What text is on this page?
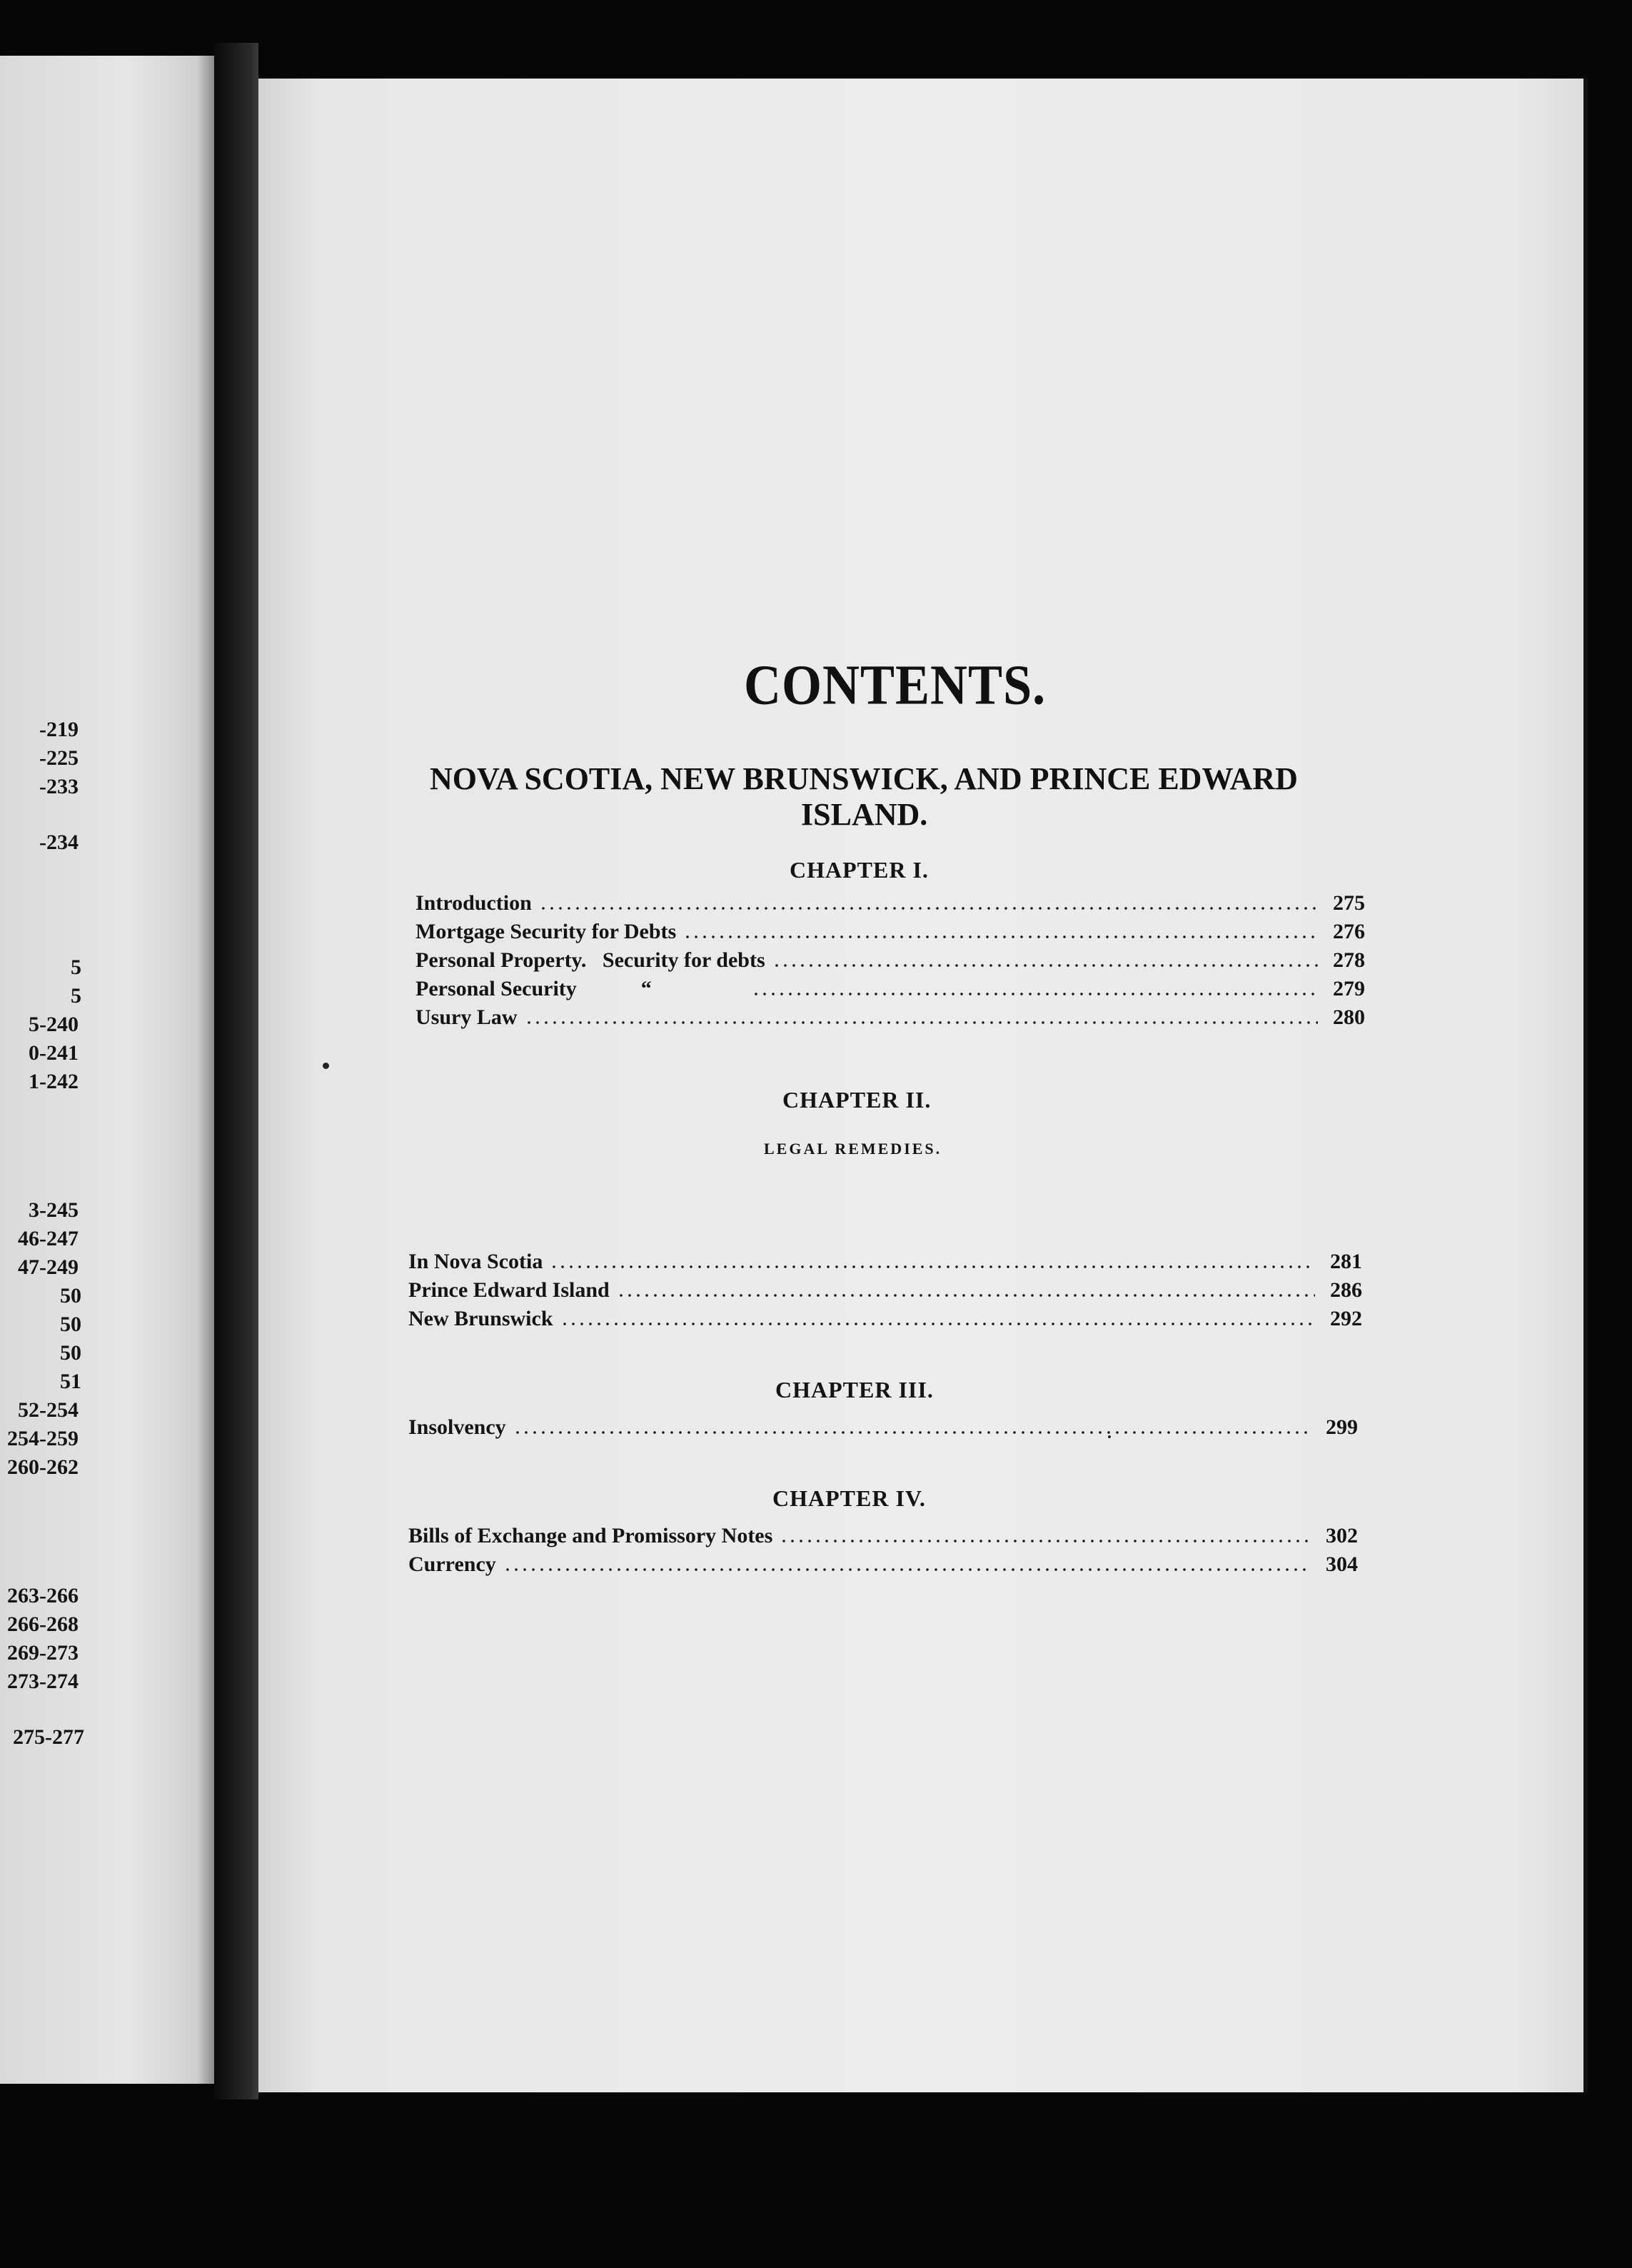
-219
-225
-233
-234
5
5
5-240
0-241
1-242
3-245
46-247
47-249
50
50
50
51
52-254
254-259
260-262
263-266
266-268
269-273
273-274
275-277
CONTENTS.
NOVA SCOTIA, NEW BRUNSWICK, AND PRINCE EDWARD
ISLAND.
CHAPTER I.
Introduction	275
Mortgage Security for Debts	276
Personal Property.   Security for debts	278
Personal Security            “	279
Usury Law	280
CHAPTER II.
LEGAL REMEDIES.
In Nova Scotia	281
Prince Edward Island	286
New Brunswick	292
CHAPTER III.
Insolvency	299
CHAPTER IV.
Bills of Exchange and Promissory Notes	302
Currency	304
